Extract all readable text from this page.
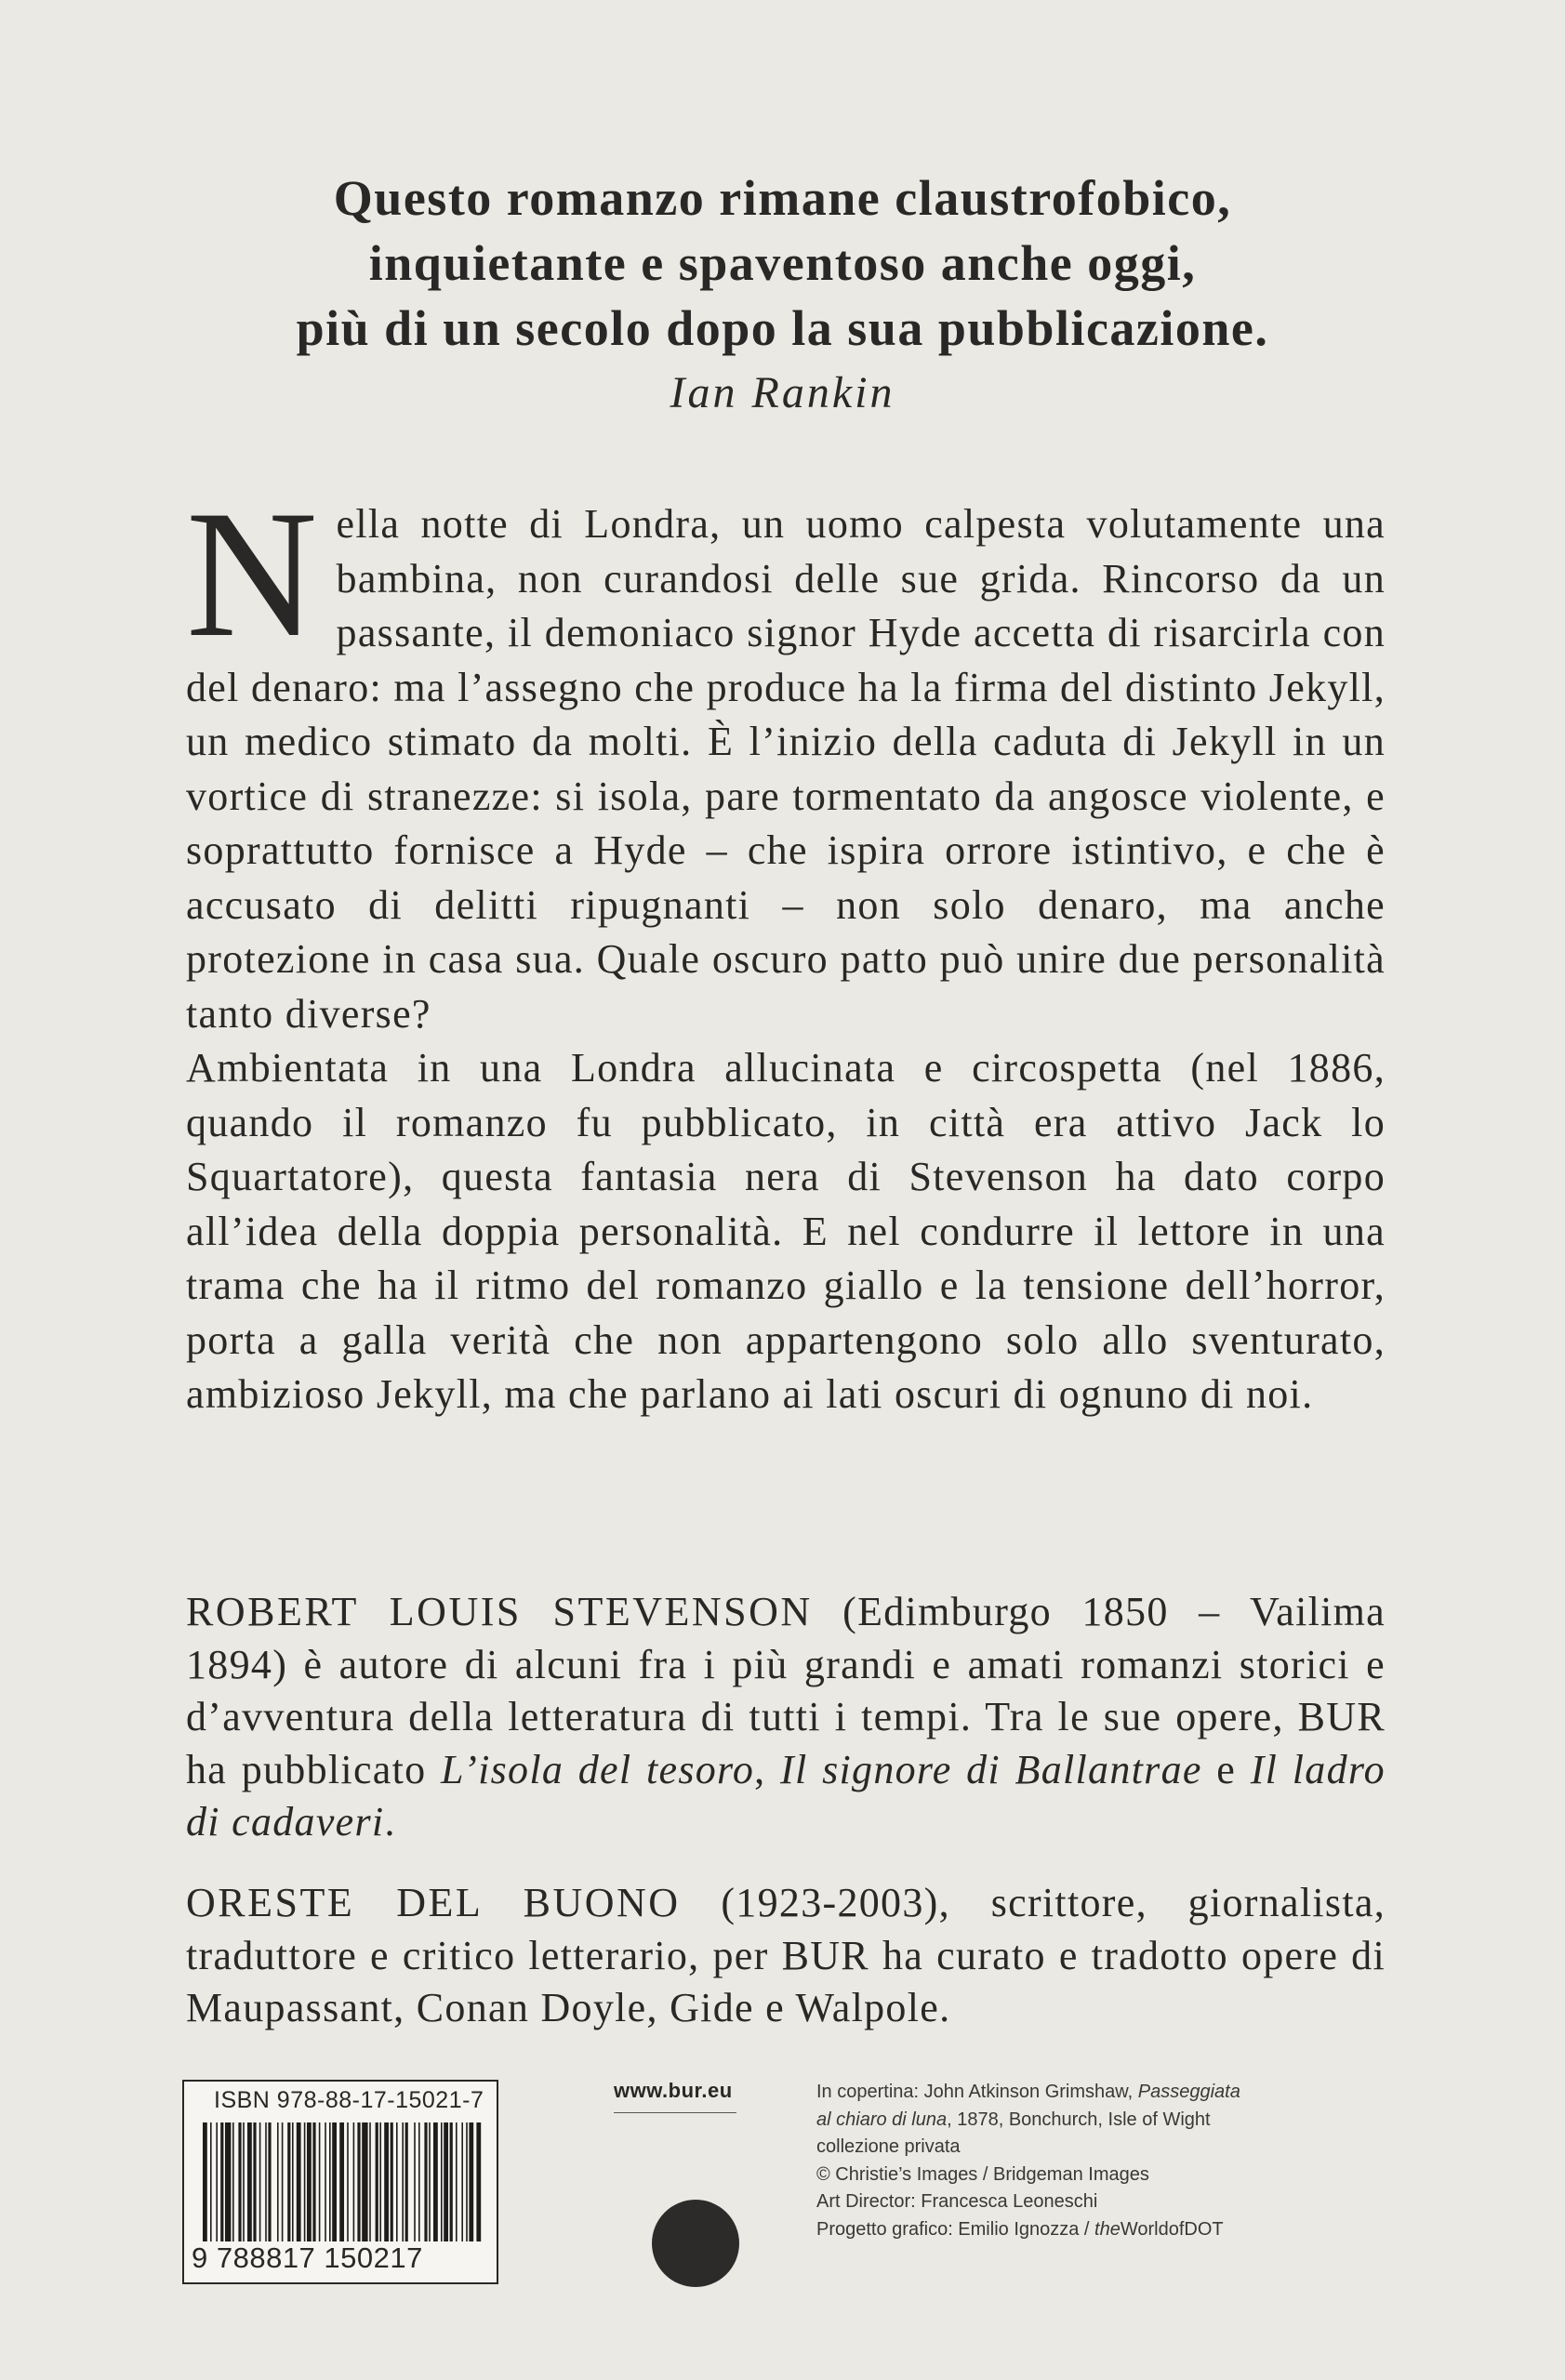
Questo romanzo rimane claustrofobico,
inquietante e spaventoso anche oggi,
più di un secolo dopo la sua pubblicazione.
Ian Rankin

Nella notte di Londra, un uomo calpesta volutamente una bambina, non curandosi delle sue grida. Rincorso da un passante, il demoniaco signor Hyde accetta di risarcirla con del denaro: ma l’assegno che produce ha la firma del distinto Jekyll, un medico stimato da molti. È l’inizio della caduta di Jekyll in un vortice di stranezze: si isola, pare tormentato da angosce violente, e soprattutto fornisce a Hyde – che ispira orrore istintivo, e che è accusato di delitti ripugnanti – non solo denaro, ma anche protezione in casa sua. Quale oscuro patto può unire due personalità tanto diverse?

Ambientata in una Londra allucinata e circospetta (nel 1886, quando il romanzo fu pubblicato, in città era attivo Jack lo Squartatore), questa fantasia nera di Stevenson ha dato corpo all’idea della doppia personalità. E nel condurre il lettore in una trama che ha il ritmo del romanzo giallo e la tensione dell’horror, porta a galla verità che non appartengono solo allo sventurato, ambizioso Jekyll, ma che parlano ai lati oscuri di ognuno di noi.

ROBERT LOUIS STEVENSON (Edimburgo 1850 – Vailima 1894) è autore di alcuni fra i più grandi e amati romanzi storici e d’avventura della letteratura di tutti i tempi. Tra le sue opere, BUR ha pubblicato L’isola del tesoro, Il signore di Ballantrae e Il ladro di cadaveri.

ORESTE DEL BUONO (1923-2003), scrittore, giornalista, traduttore e critico letterario, per BUR ha curato e tradotto opere di Maupassant, Conan Doyle, Gide e Walpole.

ISBN 978-88-17-15021-7
9 788817 150217
www.bur.eu	In copertina: John Atkinson Grimshaw, Passeggiata
al chiaro di luna, 1878, Bonchurch, Isle of Wight
collezione privata
© Christie’s Images / Bridgeman Images
Art Director: Francesca Leoneschi
Progetto grafico: Emilio Ignozza / theWorldofDOT
